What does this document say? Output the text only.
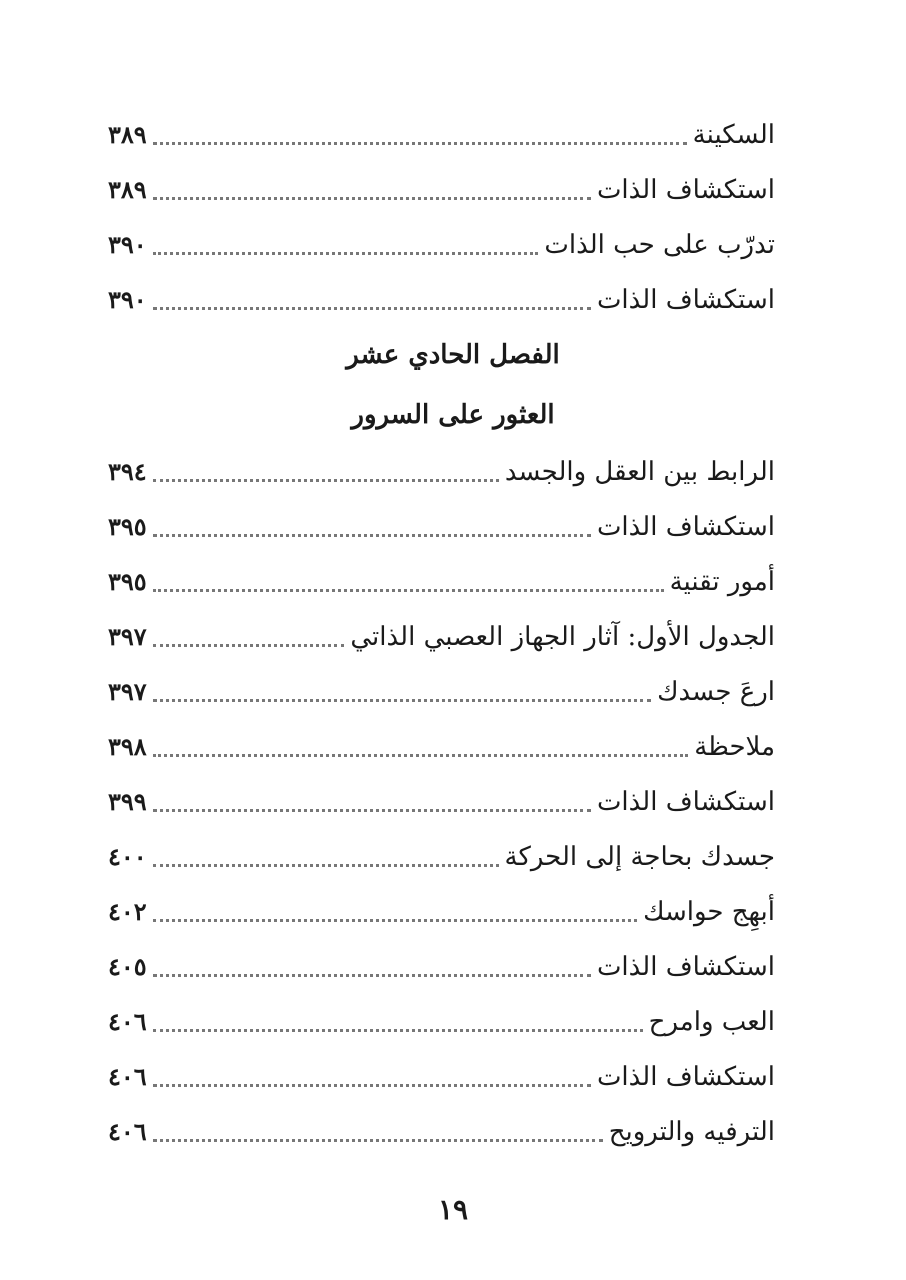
السكينة
٣٨٩
استكشاف الذات
٣٨٩
تدرّب على حب الذات
٣٩٠
استكشاف الذات
٣٩٠
الفصل الحادي عشر
العثور على السرور
الرابط بين العقل والجسد
٣٩٤
استكشاف الذات
٣٩٥
أمور تقنية
٣٩٥
الجدول الأول: آثار الجهاز العصبي الذاتي
٣٩٧
ارعَ جسدك
٣٩٧
ملاحظة
٣٩٨
استكشاف الذات
٣٩٩
جسدك بحاجة إلى الحركة
٤٠٠
أبهِج حواسك
٤٠٢
استكشاف الذات
٤٠٥
العب وامرح
٤٠٦
استكشاف الذات
٤٠٦
الترفيه والترويح
٤٠٦
١٩
